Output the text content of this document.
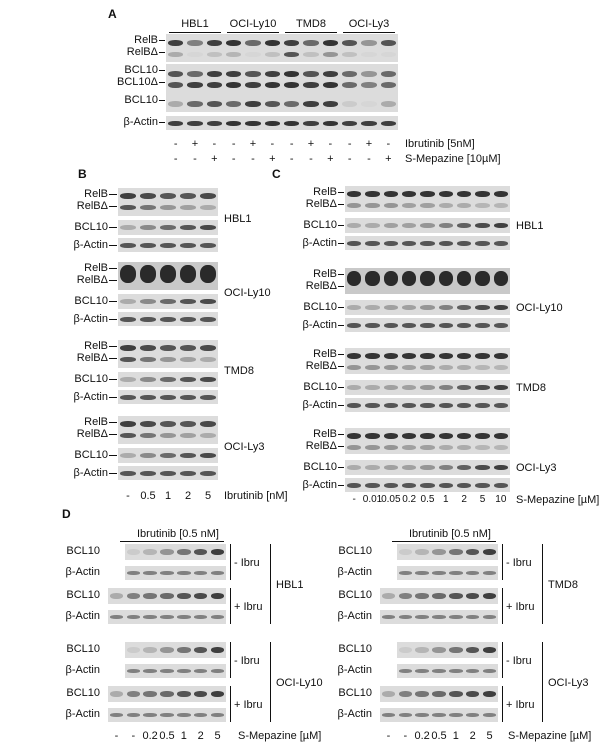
A
HBL1	OCI-Ly10	TMD8	OCI-Ly3
RelB
RelBΔ
BCL10
BCL10Δ
BCL10
β-Actin
-	+	-	-	+	-	-	+	-	-	+	-
-	-	+	-	-	+	-	-	+	-	-	+
Ibrutinib [5nM]
S-Mepazine [10µM]
B
RelB
RelBΔ
BCL10
β-Actin
HBL1
RelB
RelBΔ
BCL10
β-Actin
OCI-Ly10
RelB
RelBΔ
BCL10
β-Actin
TMD8
RelB
RelBΔ
BCL10
β-Actin
OCI-Ly3
- 0.5 1	2	5	Ibrutinib [nM]
C
RelB
RelBΔ
BCL10
β-Actin
HBL1
RelB
RelBΔ
BCL10
β-Actin
OCI-Ly10
RelB
RelBΔ
BCL10
β-Actin
TMD8
RelB
RelBΔ
BCL10
β-Actin
OCI-Ly3
- 0.01
0.05 0.2 0.5 1	2	5 10 S-Mepazine [µM]
D
Ibrutinib [0.5 nM]
BCL10
β-Actin
BCL10
β-Actin
- Ibru
+ Ibru
HBL1
BCL10
β-Actin
BCL10
β-Actin
- Ibru
+ Ibru
OCI-Ly10
Ibrutinib [0.5 nM]
BCL10
β-Actin
BCL10
β-Actin
- Ibru
+ Ibru
TMD8
BCL10
β-Actin
BCL10
β-Actin
- Ibru
+ Ibru
OCI-Ly3
-	- 0.2 0.5 1 2 5	S-Mepazine [µM]	-	- 0.2 0.5 1 2 5	S-Mepazine [µM]
